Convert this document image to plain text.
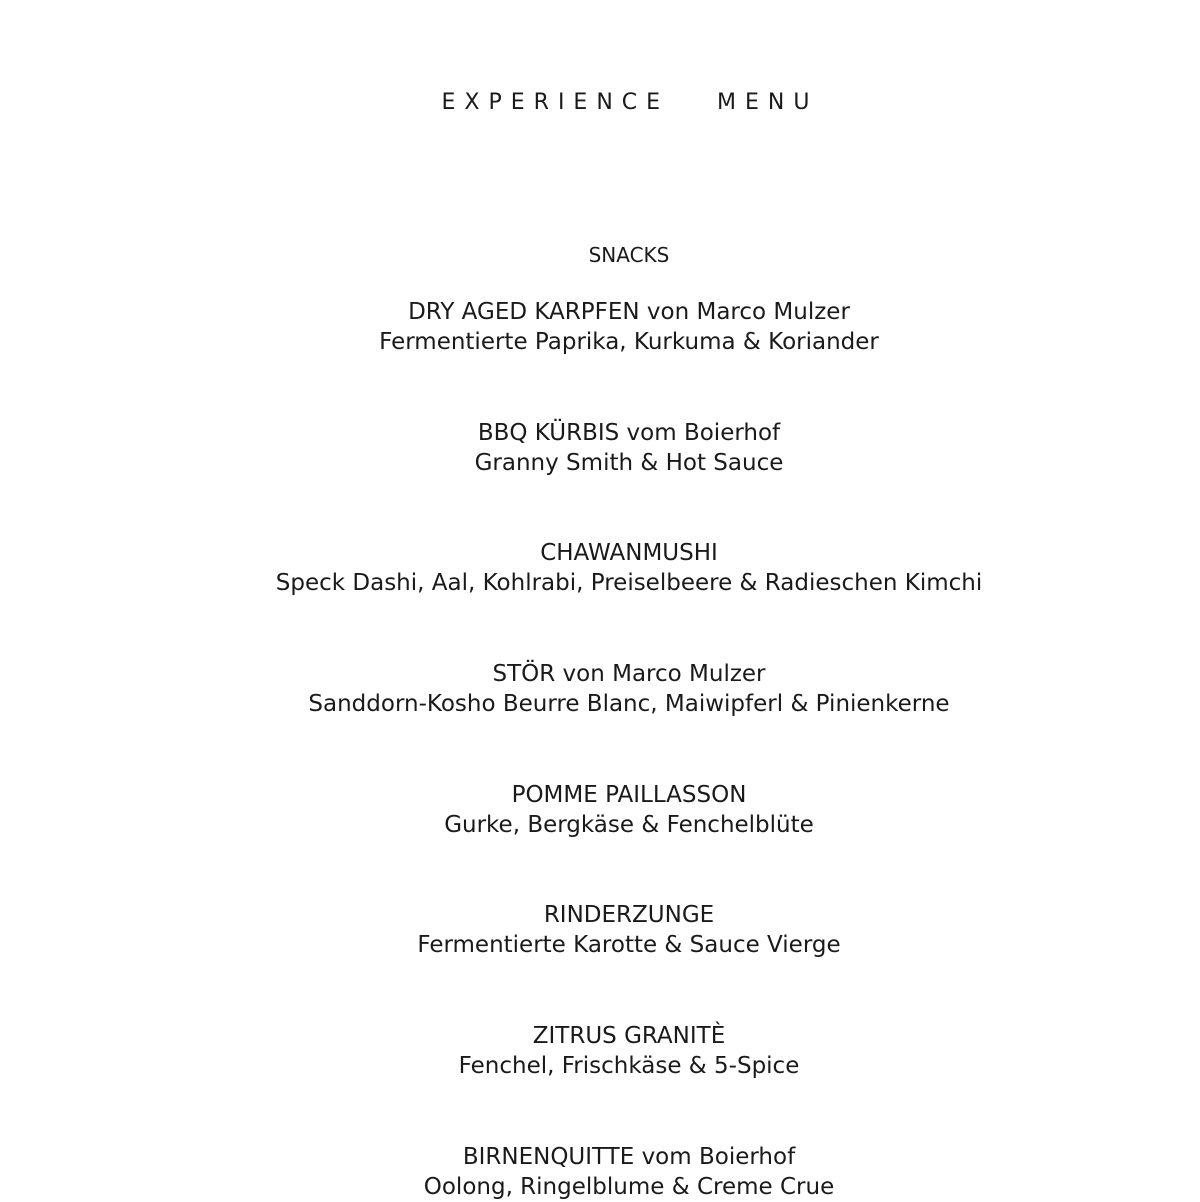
EXPERIENCE   MENU
SNACKS
DRY AGED KARPFEN von Marco Mulzer
Fermentierte Paprika, Kurkuma & Koriander
BBQ KÜRBIS vom Boierhof
Granny Smith & Hot Sauce
CHAWANMUSHI
Speck Dashi, Aal, Kohlrabi, Preiselbeere & Radieschen Kimchi
STÖR von Marco Mulzer
Sanddorn-Kosho Beurre Blanc, Maiwipferl & Pinienkerne
POMME PAILLASSON
Gurke, Bergkäse & Fenchelblüte
RINDERZUNGE
Fermentierte Karotte & Sauce Vierge
ZITRUS GRANITÈ
Fenchel, Frischkäse & 5-Spice
BIRNENQUITTE vom Boierhof
Oolong, Ringelblume & Creme Crue
